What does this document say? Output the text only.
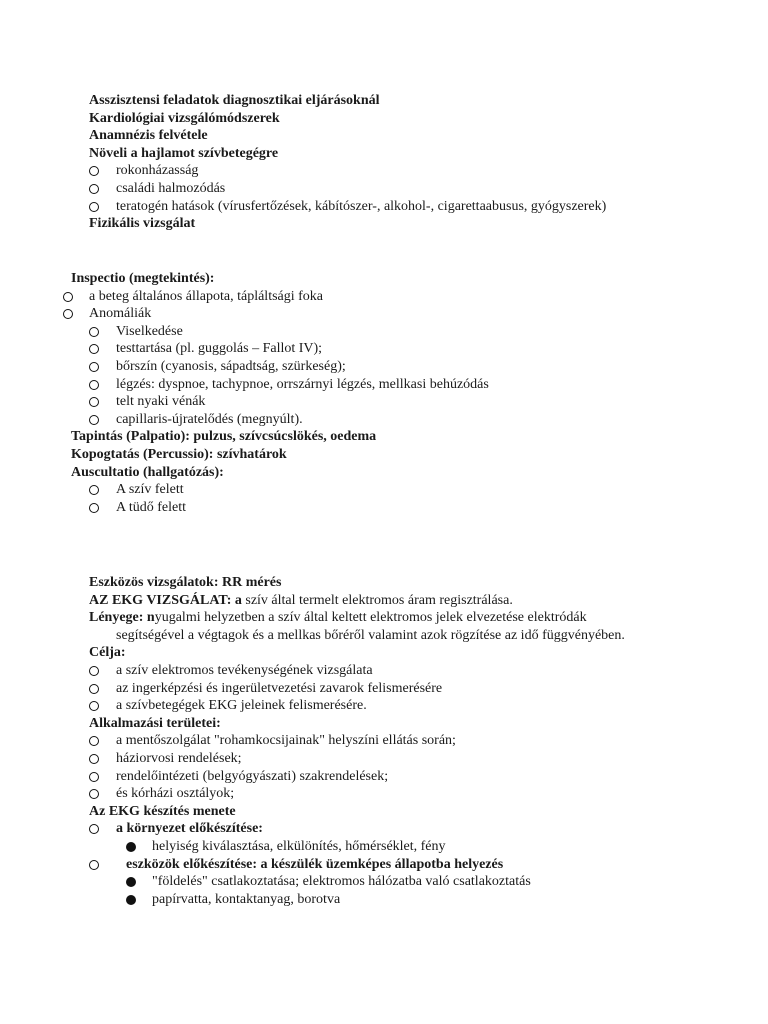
Asszisztensi feladatok diagnosztikai eljárásoknál
Kardiológiai vizsgálómódszerek
Anamnézis felvétele
Növeli a hajlamot szívbetegégre
rokonházasság
családi halmozódás
teratogén hatások (vírusfertőzések, kábítószer-, alkohol-, cigarettaabusus, gyógyszerek)
Fizikális vizsgálat
Inspectio (megtekintés):
a beteg általános állapota, tápláltsági foka
Anomáliák
Viselkedése
testtartása (pl. guggolás – Fallot IV);
bőrszín (cyanosis, sápadtság, szürkeség);
légzés: dyspnoe, tachypnoe, orrszárnyi légzés, mellkasi behúzódás
telt nyaki vénák
capillaris-újratelődés (megnyúlt).
Tapintás (Palpatio): pulzus, szívcsúcslökés, oedema
Kopogtatás (Percussio): szívhatárok
Auscultatio (hallgatózás):
A szív felett
A tüdő felett
Eszközös vizsgálatok: RR mérés
AZ EKG VIZSGÁLAT: a szív által termelt elektromos áram regisztrálása.
Lényege: nyugalmi helyzetben a szív által keltett elektromos jelek elvezetése elektródák
segítségével a végtagok és a mellkas bőréről valamint azok rögzítése az idő függvényében.
Célja:
a szív elektromos tevékenységének vizsgálata
az ingerképzési és ingerületvezetési zavarok felismerésére
a szívbetegégek EKG jeleinek felismerésére.
Alkalmazási területei:
a mentőszolgálat "rohamkocsijainak" helyszíni ellátás során;
háziorvosi rendelések;
rendelőintézeti (belgyógyászati) szakrendelések;
és kórházi osztályok;
Az EKG készítés menete
a környezet előkészítése:
helyiség kiválasztása, elkülönítés, hőmérséklet, fény
eszközök előkészítése: a készülék üzemképes állapotba helyezés
"földelés" csatlakoztatása; elektromos hálózatba való csatlakoztatás
papírvatta, kontaktanyag, borotva
